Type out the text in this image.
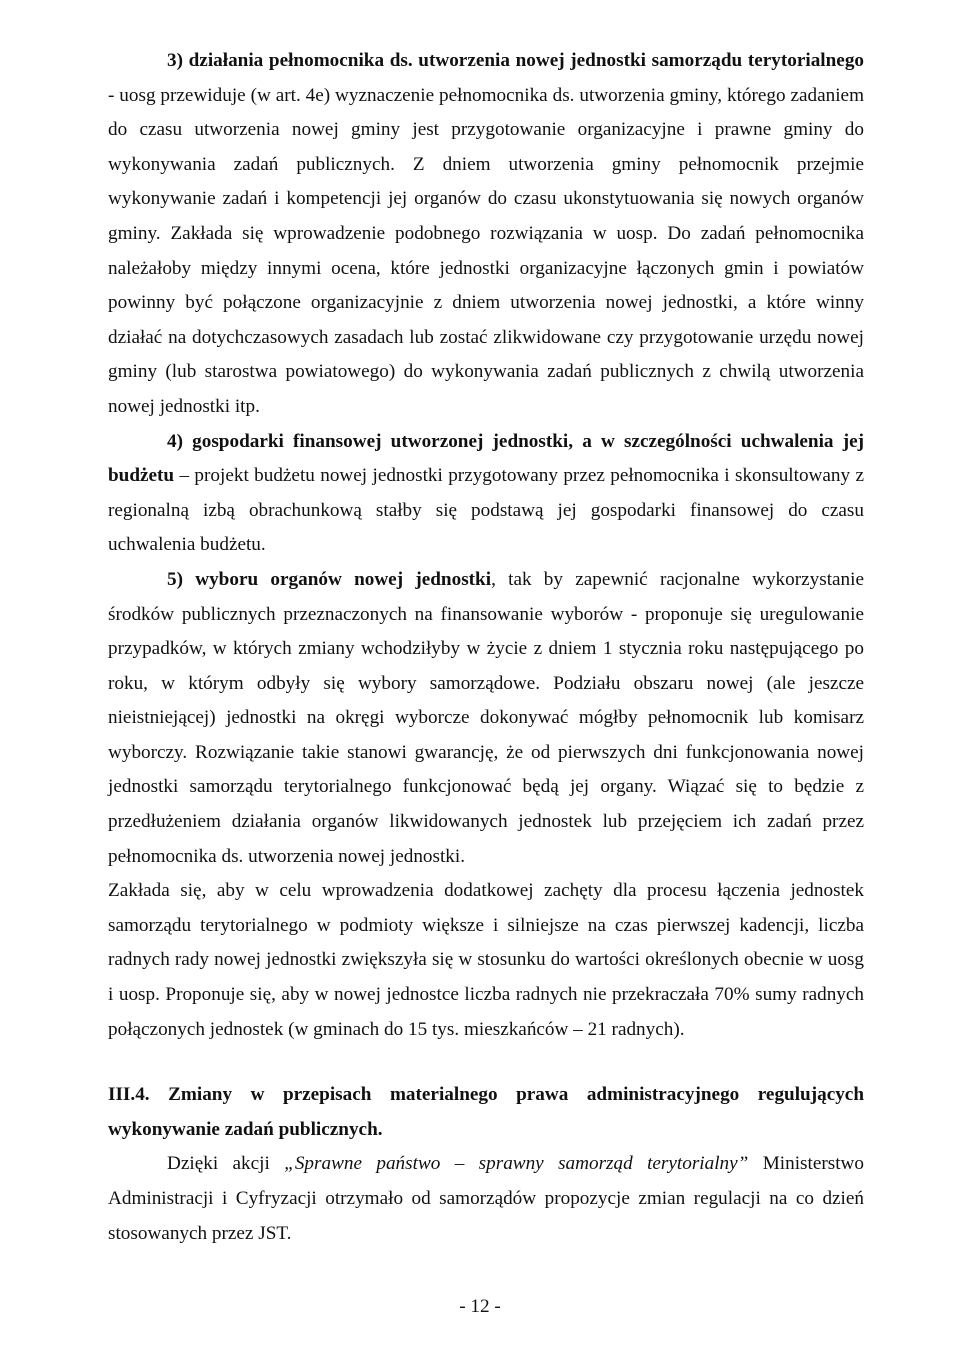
3) działania pełnomocnika ds. utworzenia nowej jednostki samorządu terytorialnego - uosg przewiduje (w art. 4e) wyznaczenie pełnomocnika ds. utworzenia gminy, którego zadaniem do czasu utworzenia nowej gminy jest przygotowanie organizacyjne i prawne gminy do wykonywania zadań publicznych. Z dniem utworzenia gminy pełnomocnik przejmie wykonywanie zadań i kompetencji jej organów do czasu ukonstytuowania się nowych organów gminy. Zakłada się wprowadzenie podobnego rozwiązania w uosp. Do zadań pełnomocnika należałoby między innymi ocena, które jednostki organizacyjne łączonych gmin i powiatów powinny być połączone organizacyjnie z dniem utworzenia nowej jednostki, a które winny działać na dotychczasowych zasadach lub zostać zlikwidowane czy przygotowanie urzędu nowej gminy (lub starostwa powiatowego) do wykonywania zadań publicznych z chwilą utworzenia nowej jednostki itp.

4) gospodarki finansowej utworzonej jednostki, a w szczególności uchwalenia jej budżetu – projekt budżetu nowej jednostki przygotowany przez pełnomocnika i skonsultowany z regionalną izbą obrachunkową stałby się podstawą jej gospodarki finansowej do czasu uchwalenia budżetu.

5) wyboru organów nowej jednostki, tak by zapewnić racjonalne wykorzystanie środków publicznych przeznaczonych na finansowanie wyborów - proponuje się uregulowanie przypadków, w których zmiany wchodziłyby w życie z dniem 1 stycznia roku następującego po roku, w którym odbyły się wybory samorządowe. Podziału obszaru nowej (ale jeszcze nieistniejącej) jednostki na okręgi wyborcze dokonywać mógłby pełnomocnik lub komisarz wyborczy. Rozwiązanie takie stanowi gwarancję, że od pierwszych dni funkcjonowania nowej jednostki samorządu terytorialnego funkcjonować będą jej organy. Wiązać się to będzie z przedłużeniem działania organów likwidowanych jednostek lub przejęciem ich zadań przez pełnomocnika ds. utworzenia nowej jednostki.

Zakłada się, aby w celu wprowadzenia dodatkowej zachęty dla procesu łączenia jednostek samorządu terytorialnego w podmioty większe i silniejsze na czas pierwszej kadencji, liczba radnych rady nowej jednostki zwiększyła się w stosunku do wartości określonych obecnie w uosg i uosp. Proponuje się, aby w nowej jednostce liczba radnych nie przekraczała 70% sumy radnych połączonych jednostek (w gminach do 15 tys. mieszkańców – 21 radnych).

III.4. Zmiany w przepisach materialnego prawa administracyjnego regulujących wykonywanie zadań publicznych.

Dzięki akcji „Sprawne państwo – sprawny samorząd terytorialny” Ministerstwo Administracji i Cyfryzacji otrzymało od samorządów propozycje zmian regulacji na co dzień stosowanych przez JST.

- 12 -
